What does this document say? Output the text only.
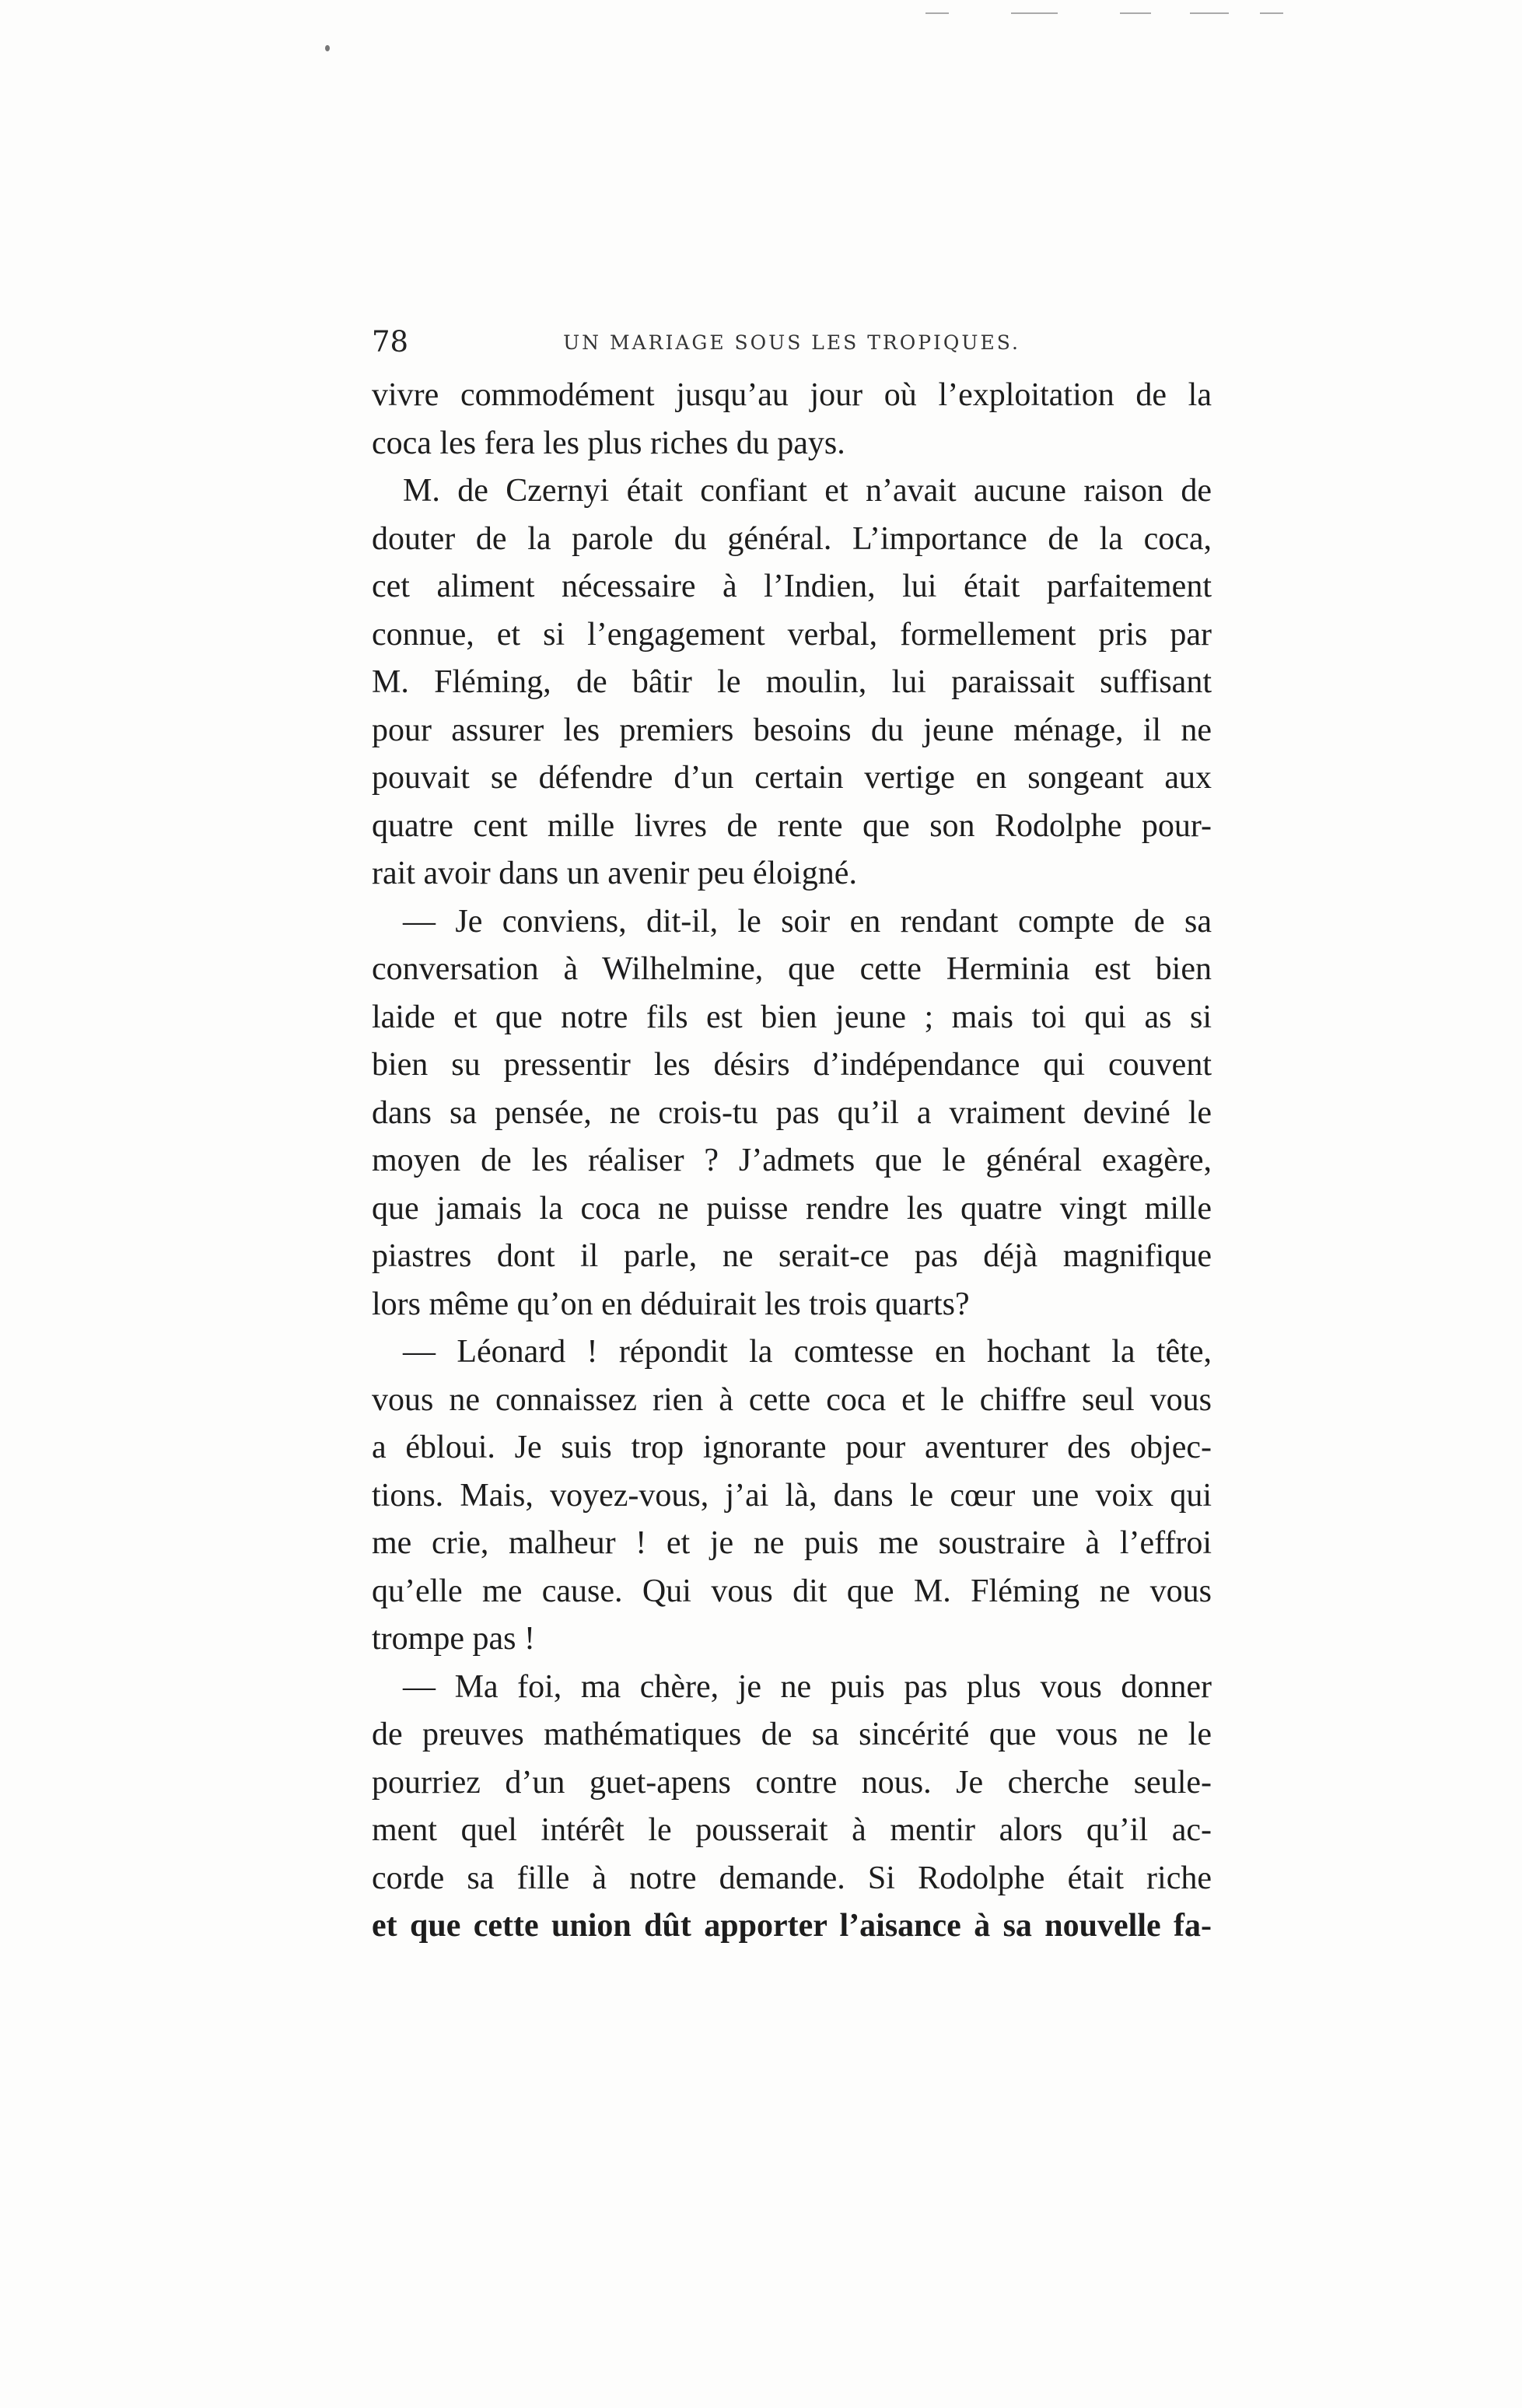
78	UN MARIAGE SOUS LES TROPIQUES.
vivre commodément jusqu’au jour où l’exploitation de la
coca les fera les plus riches du pays.
M. de Czernyi était confiant et n’avait aucune raison de
douter de la parole du général. L’importance de la coca,
cet aliment nécessaire à l’Indien, lui était parfaitement
connue, et si l’engagement verbal, formellement pris par
M. Fléming, de bâtir le moulin, lui paraissait suffisant
pour assurer les premiers besoins du jeune ménage, il ne
pouvait se défendre d’un certain vertige en songeant aux
quatre cent mille livres de rente que son Rodolphe pour-
rait avoir dans un avenir peu éloigné.
— Je conviens, dit-il, le soir en rendant compte de sa
conversation à Wilhelmine, que cette Herminia est bien
laide et que notre fils est bien jeune ; mais toi qui as si
bien su pressentir les désirs d’indépendance qui couvent
dans sa pensée, ne crois-tu pas qu’il a vraiment deviné le
moyen de les réaliser ? J’admets que le général exagère,
que jamais la coca ne puisse rendre les quatre vingt mille
piastres dont il parle, ne serait-ce pas déjà magnifique
lors même qu’on en déduirait les trois quarts?
— Léonard ! répondit la comtesse en hochant la tête,
vous ne connaissez rien à cette coca et le chiffre seul vous
a ébloui. Je suis trop ignorante pour aventurer des objec-
tions. Mais, voyez-vous, j’ai là, dans le cœur une voix qui
me crie, malheur ! et je ne puis me soustraire à l’effroi
qu’elle me cause. Qui vous dit que M. Fléming ne vous
trompe pas !
— Ma foi, ma chère, je ne puis pas plus vous donner
de preuves mathématiques de sa sincérité que vous ne le
pourriez d’un guet-apens contre nous. Je cherche seule-
ment quel intérêt le pousserait à mentir alors qu’il ac-
corde sa fille à notre demande. Si Rodolphe était riche
et que cette union dût apporter l’aisance à sa nouvelle fa-
